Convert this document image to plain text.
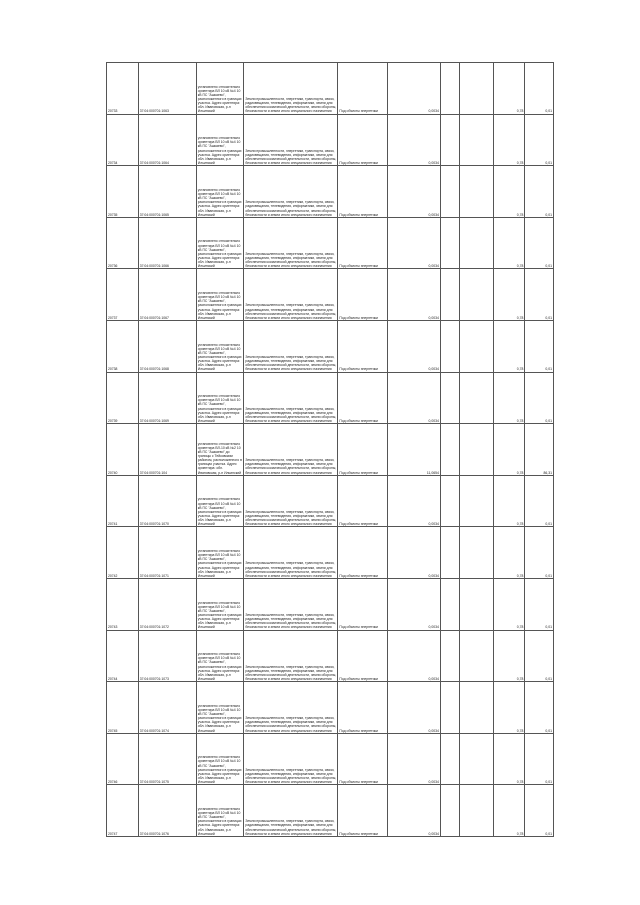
20733	37:04:000701:1063	установлено относительно ориентира ВЛ 10 кВ №4 10 кВ ПС "Ашкаево", расположенного в границах участка. Адрес ориентира: обл. Ивановская, р-н Ильинский	Земли промышленности, энергетики, транспорта, связи, радиовещания, телевидения, информатики, земли для обеспечения космической деятельности, земли обороны, безопасности и земли иного специального назначения	Под объекты энергетики	0,0034			0,78	0,01
20734	37:04:000701:1064	установлено относительно ориентира ВЛ 10 кВ №4 10 кВ ПС "Ашкаево", расположенного в границах участка. Адрес ориентира: обл. Ивановская, р-н Ильинский	Земли промышленности, энергетики, транспорта, связи, радиовещания, телевидения, информатики, земли для обеспечения космической деятельности, земли обороны, безопасности и земли иного специального назначения	Под объекты энергетики	0,0034			0,78	0,01
20735	37:04:000701:1065	установлено относительно ориентира ВЛ 10 кВ №4 10 кВ ПС "Ашкаево", расположенного в границах участка. Адрес ориентира: обл. Ивановская, р-н Ильинский	Земли промышленности, энергетики, транспорта, связи, радиовещания, телевидения, информатики, земли для обеспечения космической деятельности, земли обороны, безопасности и земли иного специального назначения	Под объекты энергетики	0,0034			0,78	0,01
20736	37:04:000701:1066	установлено относительно ориентира ВЛ 10 кВ №4 10 кВ ПС "Ашкаево", расположенного в границах участка. Адрес ориентира: обл. Ивановская, р-н Ильинский	Земли промышленности, энергетики, транспорта, связи, радиовещания, телевидения, информатики, земли для обеспечения космической деятельности, земли обороны, безопасности и земли иного специального назначения	Под объекты энергетики	0,0034			0,78	0,01
20737	37:04:000701:1067	установлено относительно ориентира ВЛ 10 кВ №4 10 кВ ПС "Ашкаево", расположенного в границах участка. Адрес ориентира: обл. Ивановская, р-н Ильинский	Земли промышленности, энергетики, транспорта, связи, радиовещания, телевидения, информатики, земли для обеспечения космической деятельности, земли обороны, безопасности и земли иного специального назначения	Под объекты энергетики	0,0034			0,78	0,01
20738	37:04:000701:1068	установлено относительно ориентира ВЛ 10 кВ №4 10 кВ ПС "Ашкаево", расположенного в границах участка. Адрес ориентира: обл. Ивановская, р-н Ильинский	Земли промышленности, энергетики, транспорта, связи, радиовещания, телевидения, информатики, земли для обеспечения космической деятельности, земли обороны, безопасности и земли иного специального назначения	Под объекты энергетики	0,0034			0,78	0,01
20739	37:04:000701:1069	установлено относительно ориентира ВЛ 10 кВ №4 10 кВ ПС "Ашкаево", расположенного в границах участка. Адрес ориентира: обл. Ивановская, р-н Ильинский	Земли промышленности, энергетики, транспорта, связи, радиовещания, телевидения, информатики, земли для обеспечения космической деятельности, земли обороны, безопасности и земли иного специального назначения	Под объекты энергетики	0,0034			0,78	0,01
20740	37:04:000701:104	установлено относительно ориентира ВЛ-10 кВ №2 10 кВ ПС "Ашкаево" до границы с Тейковским районом, расположенного в границах участка. Адрес ориентира: обл. Ивановская, р-н Ильинский	Земли промышленности, энергетики, транспорта, связи, радиовещания, телевидения, информатики, земли для обеспечения космической деятельности, земли обороны, безопасности и земли иного специального назначения	Под объекты энергетики	11,0654			0,78	86,31
20741	37:04:000701:1070	установлено относительно ориентира ВЛ 10 кВ №4 10 кВ ПС "Ашкаево", расположенного в границах участка. Адрес ориентира: обл. Ивановская, р-н Ильинский	Земли промышленности, энергетики, транспорта, связи, радиовещания, телевидения, информатики, земли для обеспечения космической деятельности, земли обороны, безопасности и земли иного специального назначения	Под объекты энергетики	0,0034			0,78	0,01
20742	37:04:000701:1071	установлено относительно ориентира ВЛ 10 кВ №4 10 кВ ПС "Ашкаево", расположенного в границах участка. Адрес ориентира: обл. Ивановская, р-н Ильинский	Земли промышленности, энергетики, транспорта, связи, радиовещания, телевидения, информатики, земли для обеспечения космической деятельности, земли обороны, безопасности и земли иного специального назначения	Под объекты энергетики	0,0034			0,78	0,01
20743	37:04:000701:1072	установлено относительно ориентира ВЛ 10 кВ №4 10 кВ ПС "Ашкаево", расположенного в границах участка. Адрес ориентира: обл. Ивановская, р-н Ильинский	Земли промышленности, энергетики, транспорта, связи, радиовещания, телевидения, информатики, земли для обеспечения космической деятельности, земли обороны, безопасности и земли иного специального назначения	Под объекты энергетики	0,0034			0,78	0,01
20744	37:04:000701:1073	установлено относительно ориентира ВЛ 10 кВ №4 10 кВ ПС "Ашкаево", расположенного в границах участка. Адрес ориентира: обл. Ивановская, р-н Ильинский	Земли промышленности, энергетики, транспорта, связи, радиовещания, телевидения, информатики, земли для обеспечения космической деятельности, земли обороны, безопасности и земли иного специального назначения	Под объекты энергетики	0,0034			0,78	0,01
20745	37:04:000701:1074	установлено относительно ориентира ВЛ 10 кВ №4 10 кВ ПС "Ашкаево", расположенного в границах участка. Адрес ориентира: обл. Ивановская, р-н Ильинский	Земли промышленности, энергетики, транспорта, связи, радиовещания, телевидения, информатики, земли для обеспечения космической деятельности, земли обороны, безопасности и земли иного специального назначения	Под объекты энергетики	0,0034			0,78	0,01
20746	37:04:000701:1075	установлено относительно ориентира ВЛ 10 кВ №4 10 кВ ПС "Ашкаево", расположенного в границах участка. Адрес ориентира: обл. Ивановская, р-н Ильинский	Земли промышленности, энергетики, транспорта, связи, радиовещания, телевидения, информатики, земли для обеспечения космической деятельности, земли обороны, безопасности и земли иного специального назначения	Под объекты энергетики	0,0034			0,78	0,01
20747	37:04:000701:1076	установлено относительно ориентира ВЛ 10 кВ №4 10 кВ ПС "Ашкаево", расположенного в границах участка. Адрес ориентира: обл. Ивановская, р-н Ильинский	Земли промышленности, энергетики, транспорта, связи, радиовещания, телевидения, информатики, земли для обеспечения космической деятельности, земли обороны, безопасности и земли иного специального назначения	Под объекты энергетики	0,0034			0,78	0,01
